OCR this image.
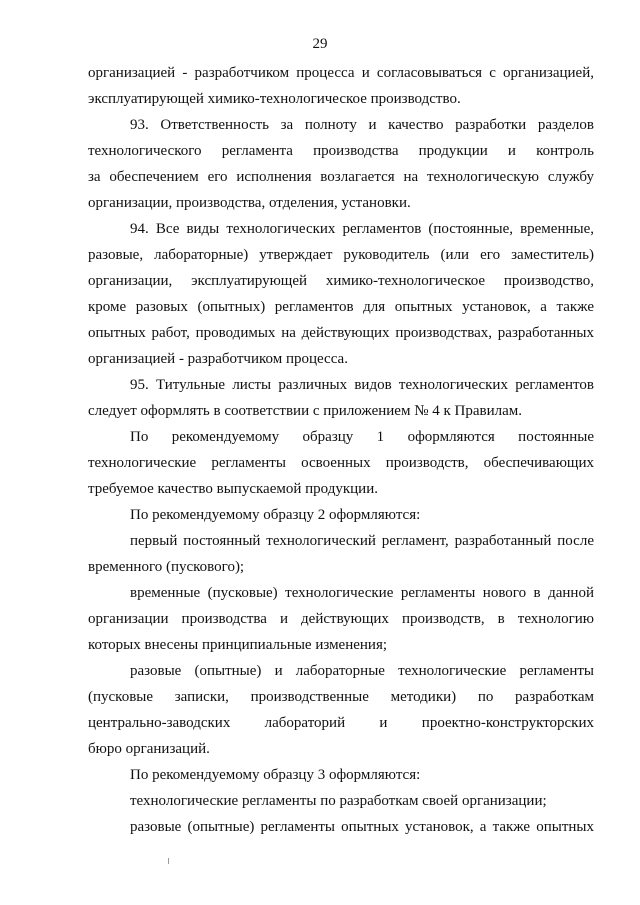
29
организацией - разработчиком процесса и согласовываться с организацией,
эксплуатирующей химико-технологическое производство.
93. Ответственность за полноту и качество разработки разделов
технологического регламента производства продукции и контроль
за обеспечением его исполнения возлагается на технологическую службу
организации, производства, отделения, установки.
94. Все виды технологических регламентов (постоянные, временные,
разовые, лабораторные) утверждает руководитель (или его заместитель)
организации, эксплуатирующей химико-технологическое производство,
кроме разовых (опытных) регламентов для опытных установок, а также
опытных работ, проводимых на действующих производствах, разработанных
организацией - разработчиком процесса.
95. Титульные листы различных видов технологических регламентов
следует оформлять в соответствии с приложением № 4 к Правилам.
По рекомендуемому образцу 1 оформляются постоянные
технологические регламенты освоенных производств, обеспечивающих
требуемое качество выпускаемой продукции.
По рекомендуемому образцу 2 оформляются:
первый постоянный технологический регламент, разработанный после
временного (пускового);
временные (пусковые) технологические регламенты нового в данной
организации производства и действующих производств, в технологию
которых внесены принципиальные изменения;
разовые (опытные) и лабораторные технологические регламенты
(пусковые записки, производственные методики) по разработкам
центрально-заводских лабораторий и проектно-конструкторских
бюро организаций.
По рекомендуемому образцу 3 оформляются:
технологические регламенты по разработкам своей организации;
разовые (опытные) регламенты опытных установок, а также опытных
